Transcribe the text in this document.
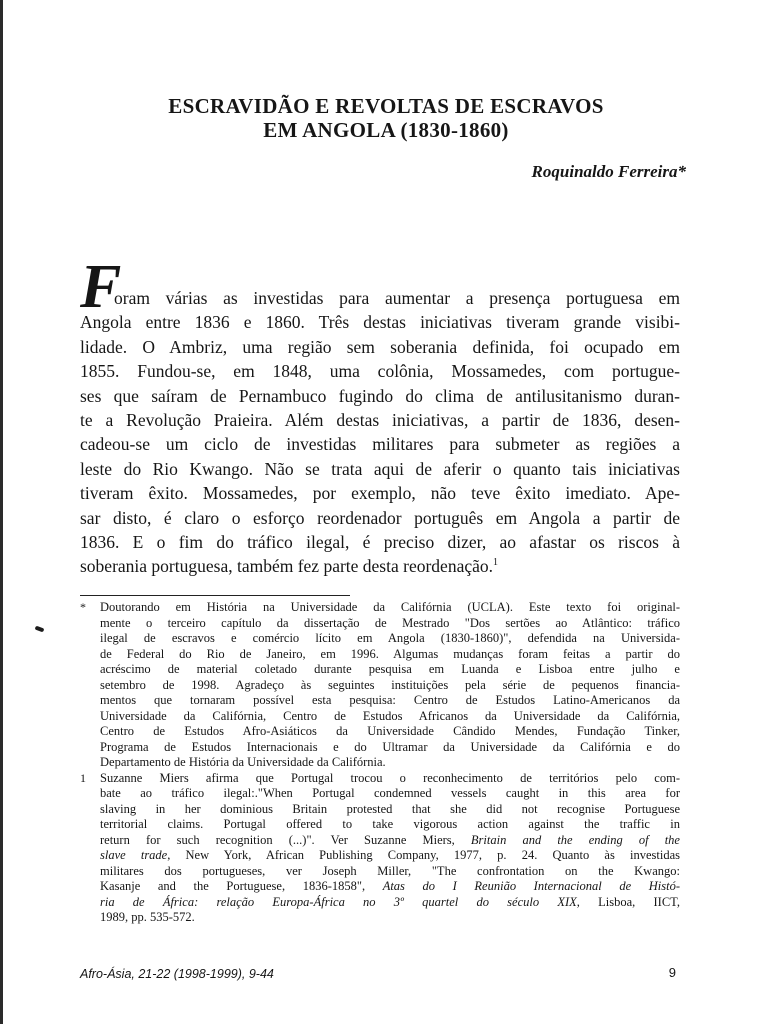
ESCRAVIDÃO E REVOLTAS DE ESCRAVOS
EM ANGOLA (1830-1860)

Roquinaldo Ferreira*

F
oram várias as investidas para aumentar a presença portuguesa em
Angola entre 1836 e 1860. Três destas iniciativas tiveram grande visibi-
lidade. O Ambriz, uma região sem soberania definida, foi ocupado em
1855. Fundou-se, em 1848, uma colônia, Mossamedes, com portugue-
ses que saíram de Pernambuco fugindo do clima de antilusitanismo duran-
te a Revolução Praieira. Além destas iniciativas, a partir de 1836, desen-
cadeou-se um ciclo de investidas militares para submeter as regiões a
leste do Rio Kwango. Não se trata aqui de aferir o quanto tais iniciativas
tiveram êxito. Mossamedes, por exemplo, não teve êxito imediato. Ape-
sar disto, é claro o esforço reordenador português em Angola a partir de
1836. E o fim do tráfico ilegal, é preciso dizer, ao afastar os riscos à
soberania portuguesa, também fez parte desta reordenação.$^1$
* Doutorando em História na Universidade da Califórnia (UCLA). Este texto foi original-
mente o terceiro capítulo da dissertação de Mestrado "Dos sertões ao Atlântico: tráfico
ilegal de escravos e comércio lícito em Angola (1830-1860)", defendida na Universida-
de Federal do Rio de Janeiro, em 1996. Algumas mudanças foram feitas a partir do
acréscimo de material coletado durante pesquisa em Luanda e Lisboa entre julho e
setembro de 1998. Agradeço às seguintes instituições pela série de pequenos financia-
mentos que tornaram possível esta pesquisa: Centro de Estudos Latino-Americanos da
Universidade da Califórnia, Centro de Estudos Africanos da Universidade da Califórnia,
Centro de Estudos Afro-Asiáticos da Universidade Cândido Mendes, Fundação Tinker,
Programa de Estudos Internacionais e do Ultramar da Universidade da Califórnia e do
Departamento de História da Universidade da Califórnia.
1 Suzanne Miers afirma que Portugal trocou o reconhecimento de territórios pelo com-
bate ao tráfico ilegal:."When Portugal condemned vessels caught in this area for
slaving in her dominious Britain protested that she did not recognise Portuguese
territorial claims. Portugal offered to take vigorous action against the traffic in
return for such recognition (...)". Ver Suzanne Miers, Britain and the ending of the
slave trade, New York, African Publishing Company, 1977, p. 24. Quanto às investidas
militares dos portugueses, ver Joseph Miller, "The confrontation on the Kwango:
Kasanje and the Portuguese, 1836-1858", Atas do I Reunião Internacional de Histó-
ria de África: relação Europa-África no 3º quartel do século XIX, Lisboa, IICT,
1989, pp. 535-572.

Afro-Ásia, 21-22 (1998-1999), 9-44	9
